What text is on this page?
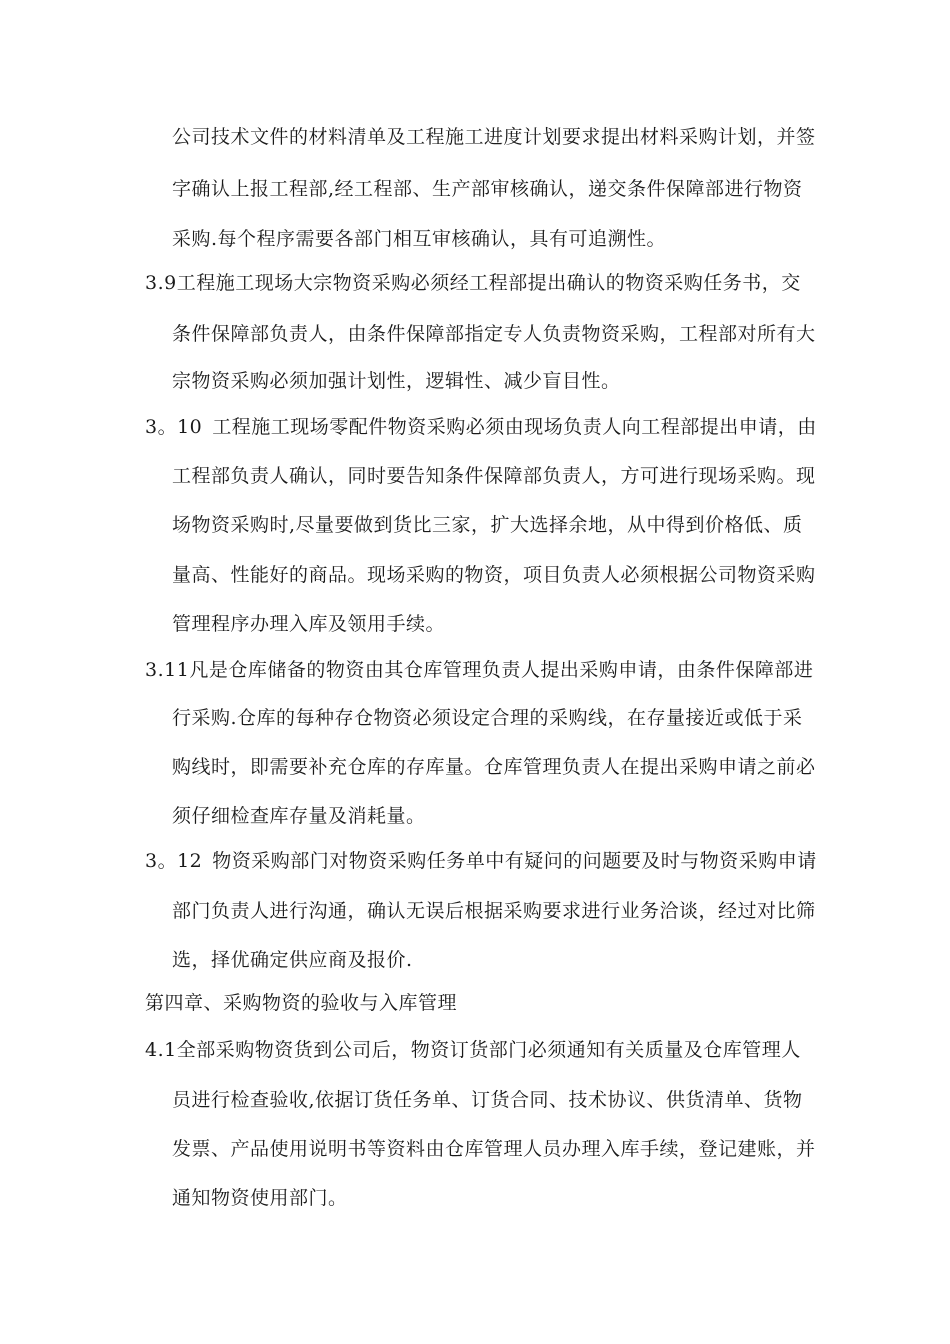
公司技术文件的材料清单及工程施工进度计划要求提出材料采购计划，并签
字确认上报工程部,经工程部、生产部审核确认，递交条件保障部进行物资
采购.每个程序需要各部门相互审核确认，具有可追溯性。
3.9工程施工现场大宗物资采购必须经工程部提出确认的物资采购任务书，交
条件保障部负责人，由条件保障部指定专人负责物资采购，工程部对所有大
宗物资采购必须加强计划性，逻辑性、减少盲目性。
3。10 工程施工现场零配件物资采购必须由现场负责人向工程部提出申请，由
工程部负责人确认，同时要告知条件保障部负责人，方可进行现场采购。现
场物资采购时,尽量要做到货比三家，扩大选择余地，从中得到价格低、质
量高、性能好的商品。现场采购的物资，项目负责人必须根据公司物资采购
管理程序办理入库及领用手续。
3.11凡是仓库储备的物资由其仓库管理负责人提出采购申请，由条件保障部进
行采购.仓库的每种存仓物资必须设定合理的采购线，在存量接近或低于采
购线时，即需要补充仓库的存库量。仓库管理负责人在提出采购申请之前必
须仔细检查库存量及消耗量。
3。12 物资采购部门对物资采购任务单中有疑问的问题要及时与物资采购申请
部门负责人进行沟通，确认无误后根据采购要求进行业务洽谈，经过对比筛
选，择优确定供应商及报价.
第四章、采购物资的验收与入库管理
4.1全部采购物资货到公司后，物资订货部门必须通知有关质量及仓库管理人
员进行检查验收,依据订货任务单、订货合同、技术协议、供货清单、货物
发票、产品使用说明书等资料由仓库管理人员办理入库手续，登记建账，并
通知物资使用部门。
